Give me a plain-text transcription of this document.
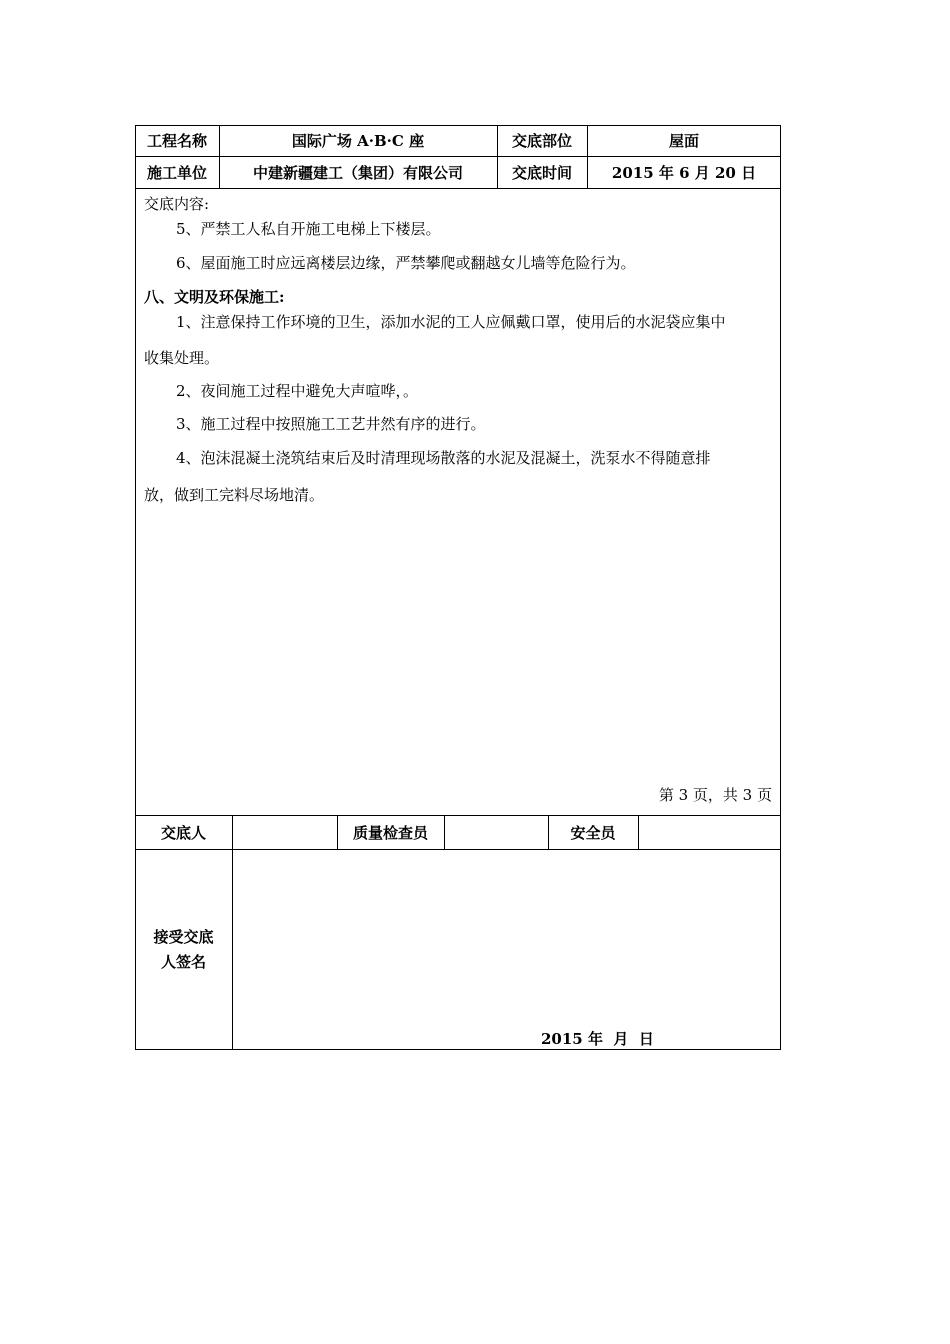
工程名称	国际广场 A·B·C 座	交底部位	屋面
施工单位	中建新疆建工（集团）有限公司	交底时间	2015 年 6 月 20 日
交底内容:
5、严禁工人私自开施工电梯上下楼层。
6、屋面施工时应远离楼层边缘，严禁攀爬或翻越女儿墙等危险行为。
八、文明及环保施工:
1、注意保持工作环境的卫生，添加水泥的工人应佩戴口罩，使用后的水泥袋应集中
收集处理。
2、夜间施工过程中避免大声喧哗，。
3、施工过程中按照施工工艺井然有序的进行。
4、泡沫混凝土浇筑结束后及时清理现场散落的水泥及混凝土，洗泵水不得随意排
放，做到工完料尽场地清。
第 3 页，共 3 页
交底人	质量检查员	安全员
接受交底
人签名
2015 年  月  日
